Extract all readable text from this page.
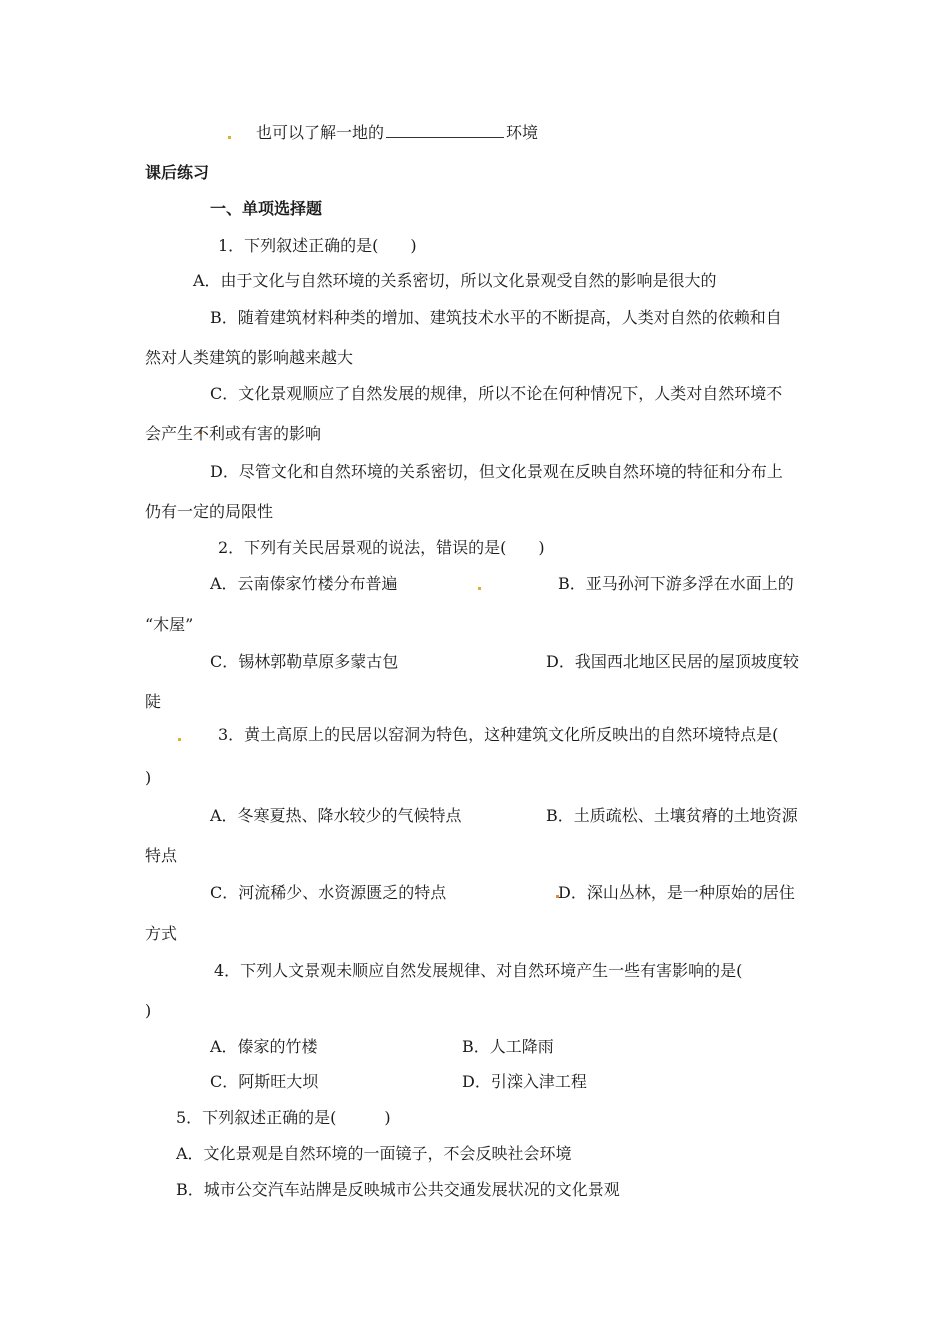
也可以了解一地的	环境
课后练习
一、单项选择题
1．下列叙述正确的是(　　)
A．由于文化与自然环境的关系密切，所以文化景观受自然的影响是很大的
B．随着建筑材料种类的增加、建筑技术水平的不断提高，人类对自然的依赖和自
然对人类建筑的影响越来越大
C．文化景观顺应了自然发展的规律，所以不论在何种情况下，人类对自然环境不
会产生不利或有害的影响
D．尽管文化和自然环境的关系密切，但文化景观在反映自然环境的特征和分布上
仍有一定的局限性
2．下列有关民居景观的说法，错误的是(　　)
A．云南傣家竹楼分布普遍	B．亚马孙河下游多浮在水面上的
“木屋”
C．锡林郭勒草原多蒙古包	D．我国西北地区民居的屋顶坡度较
陡
3．黄土高原上的民居以窑洞为特色，这种建筑文化所反映出的自然环境特点是(
)
A．冬寒夏热、降水较少的气候特点	B．土质疏松、土壤贫瘠的土地资源
特点
C．河流稀少、水资源匮乏的特点	D．深山丛林，是一种原始的居住
方式
4．下列人文景观未顺应自然发展规律、对自然环境产生一些有害影响的是(
)
A．傣家的竹楼	B．人工降雨
C．阿斯旺大坝	D．引滦入津工程
5．下列叙述正确的是(　　　)
A．文化景观是自然环境的一面镜子，不会反映社会环境
B．城市公交汽车站牌是反映城市公共交通发展状况的文化景观
